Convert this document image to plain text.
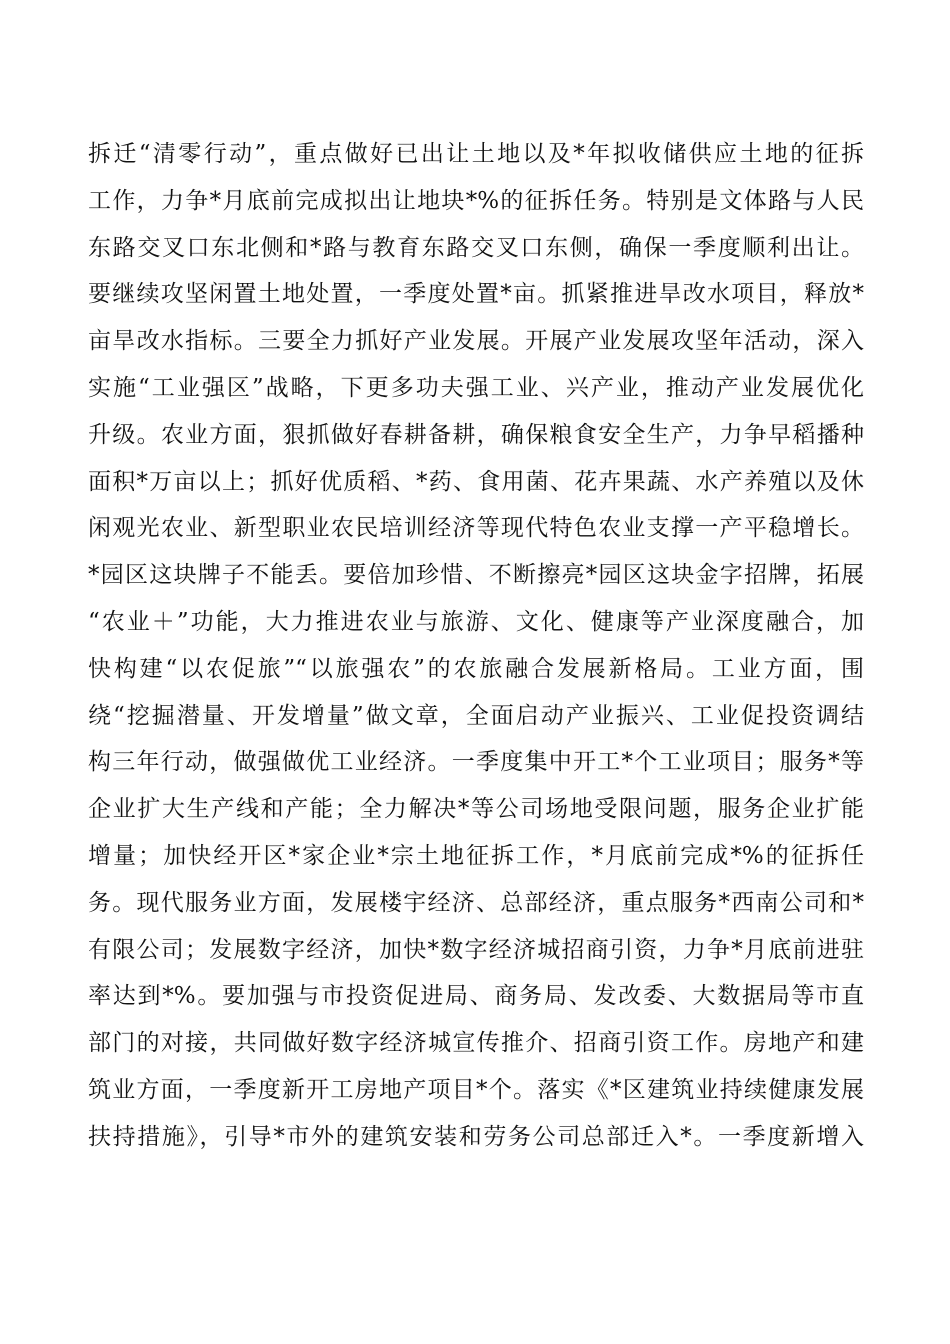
拆迁“清零行动”，重点做好已出让土地以及*年拟收储供应土地的征拆
工作，力争*月底前完成拟出让地块*%的征拆任务。特别是文体路与人民
东路交叉口东北侧和*路与教育东路交叉口东侧，确保一季度顺利出让。
要继续攻坚闲置土地处置，一季度处置*亩。抓紧推进旱改水项目，释放*
亩旱改水指标。三要全力抓好产业发展。开展产业发展攻坚年活动，深入
实施“工业强区”战略，下更多功夫强工业、兴产业，推动产业发展优化
升级。农业方面，狠抓做好春耕备耕，确保粮食安全生产，力争早稻播种
面积*万亩以上；抓好优质稻、*药、食用菌、花卉果蔬、水产养殖以及休
闲观光农业、新型职业农民培训经济等现代特色农业支撑一产平稳增长。
*园区这块牌子不能丢。要倍加珍惜、不断擦亮*园区这块金字招牌，拓展
“农业＋”功能，大力推进农业与旅游、文化、健康等产业深度融合，加
快构建“以农促旅”“以旅强农”的农旅融合发展新格局。工业方面，围
绕“挖掘潜量、开发增量”做文章，全面启动产业振兴、工业促投资调结
构三年行动，做强做优工业经济。一季度集中开工*个工业项目；服务*等
企业扩大生产线和产能；全力解决*等公司场地受限问题，服务企业扩能
增量；加快经开区*家企业*宗土地征拆工作，*月底前完成*%的征拆任
务。现代服务业方面，发展楼宇经济、总部经济，重点服务*西南公司和*
有限公司；发展数字经济，加快*数字经济城招商引资，力争*月底前进驻
率达到*%。要加强与市投资促进局、商务局、发改委、大数据局等市直
部门的对接，共同做好数字经济城宣传推介、招商引资工作。房地产和建
筑业方面，一季度新开工房地产项目*个。落实《*区建筑业持续健康发展
扶持措施》，引导*市外的建筑安装和劳务公司总部迁入*。一季度新增入
